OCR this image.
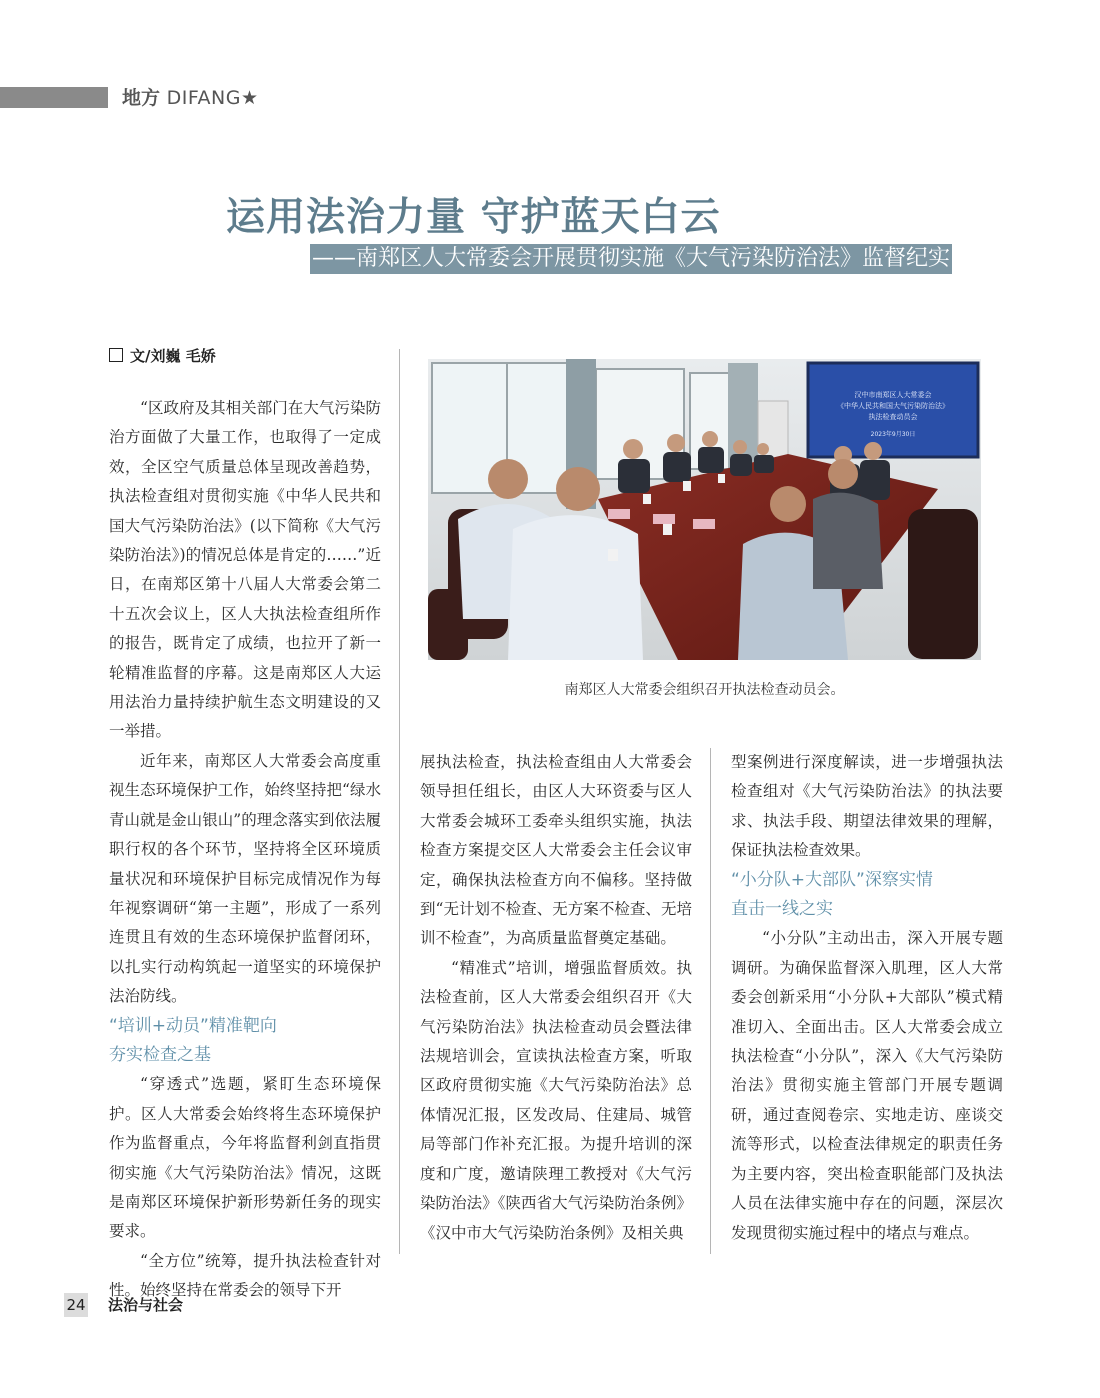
地方 DIFANG★
运用法治力量 守护蓝天白云
——南郑区人大常委会开展贯彻实施《大气污染防治法》监督纪实
文/刘巍 毛娇
汉中市南郑区人大常委会
《中华人民共和国大气污染防治法》
执法检查动员会
2023年9月30日
南郑区人大常委会组织召开执法检查动员会。

“区政府及其相关部门在大气污染防治方面做了大量工作，也取得了一定成效，全区空气质量总体呈现改善趋势，执法检查组对贯彻实施《中华人民共和国大气污染防治法》(以下简称《大气污染防治法》)的情况总体是肯定的……”近日，在南郑区第十八届人大常委会第二十五次会议上，区人大执法检查组所作的报告，既肯定了成绩，也拉开了新一轮精准监督的序幕。这是南郑区人大运用法治力量持续护航生态文明建设的又一举措。

近年来，南郑区人大常委会高度重视生态环境保护工作，始终坚持把“绿水青山就是金山银山”的理念落实到依法履职行权的各个环节，坚持将全区环境质量状况和环境保护目标完成情况作为每年视察调研“第一主题”，形成了一系列连贯且有效的生态环境保护监督闭环，以扎实行动构筑起一道坚实的环境保护法治防线。

“培训+动员”精准靶向
夯实检查之基

“穿透式”选题，紧盯生态环境保护。区人大常委会始终将生态环境保护作为监督重点，今年将监督利剑直指贯彻实施《大气污染防治法》情况，这既是南郑区环境保护新形势新任务的现实要求。

“全方位”统筹，提升执法检查针对性。始终坚持在常委会的领导下开

展执法检查，执法检查组由人大常委会领导担任组长，由区人大环资委与区人大常委会城环工委牵头组织实施，执法检查方案提交区人大常委会主任会议审定，确保执法检查方向不偏移。坚持做到“无计划不检查、无方案不检查、无培训不检查”，为高质量监督奠定基础。

“精准式”培训，增强监督质效。执法检查前，区人大常委会组织召开《大气污染防治法》执法检查动员会暨法律法规培训会，宣读执法检查方案，听取区政府贯彻实施《大气污染防治法》总体情况汇报，区发改局、住建局、城管局等部门作补充汇报。为提升培训的深度和广度，邀请陕理工教授对《大气污染防治法》《陕西省大气污染防治条例》《汉中市大气污染防治条例》及相关典

型案例进行深度解读，进一步增强执法检查组对《大气污染防治法》的执法要求、执法手段、期望法律效果的理解，保证执法检查效果。

“小分队+大部队”深察实情
直击一线之实

“小分队”主动出击，深入开展专题调研。为确保监督深入肌理，区人大常委会创新采用“小分队+大部队”模式精准切入、全面出击。区人大常委会成立执法检查“小分队”，深入《大气污染防治法》贯彻实施主管部门开展专题调研，通过查阅卷宗、实地走访、座谈交流等形式，以检查法律规定的职责任务为主要内容，突出检查职能部门及执法人员在法律实施中存在的问题，深层次发现贯彻实施过程中的堵点与难点。

24 法治与社会
